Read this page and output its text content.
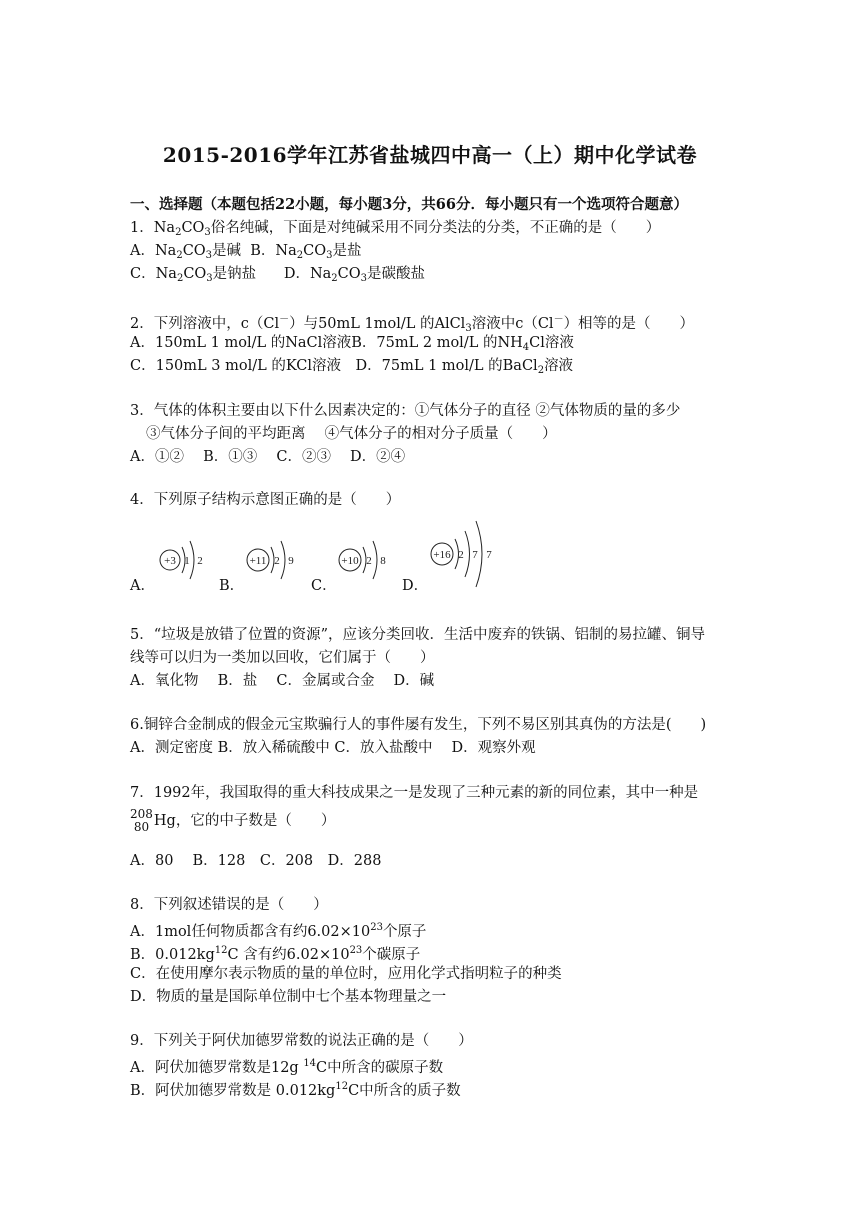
2015-2016学年江苏省盐城四中高一（上）期中化学试卷
一、选择题（本题包括22小题，每小题3分，共66分．每小题只有一个选项符合题意）
1．$Na_2CO_3$俗名纯碱，下面是对纯碱采用不同分类法的分类，不正确的是（　　）
A．$Na_2CO_3$是碱 B．$Na_2CO_3$是盐
C．$Na_2CO_3$是钠盐 D．$Na_2CO_3$是碳酸盐
2．下列溶液中，c（Cl－）与50mL 1mol/L 的AlCl$_3$溶液中c（Cl－）相等的是（　　）
A．150mL 1 mol/L 的NaCl溶液B．75mL 2 mol/L 的$NH_4Cl$溶液
C．150mL 3 mol/L 的KCl溶液　D．75mL 1 mol/L 的BaCl$_2$溶液
3．气体的体积主要由以下什么因素决定的：①气体分子的直径 ②气体物质的量的多少
③气体分子间的平均距离　 ④气体分子的相对分子质量（　　）
A．①②　 B．①③　 C．②③　 D．②④
4．下列原子结构示意图正确的是（　　）
+3 1 2	+11 2 9	+10 2 8	+16 2 7 7
A．	B．	C．	D．
5．“垃圾是放错了位置的资源”，应该分类回收．生活中废弃的铁锅、铝制的易拉罐、铜导
线等可以归为一类加以回收，它们属于（　　）
A．氧化物　 B．盐　 C．金属或合金　 D．碱
6.铜锌合金制成的假金元宝欺骗行人的事件屡有发生，下列不易区别其真伪的方法是(　　)
A．测定密度 B．放入稀硫酸中 C．放入盐酸中　 D．观察外观
7．1992年，我国取得的重大科技成果之一是发现了三种元素的新的同位素，其中一种是
208
80 Hg，它的中子数是（　　）
A．80　 B．128　C．208　D．288
8．下列叙述错误的是（　　）
A．1mol任何物质都含有约$6.02\times 10^{23}$个原子
B．$0.012kg^{12}C$ 含有约$6.02\times 10^{23}$个碳原子
C．在使用摩尔表示物质的量的单位时，应用化学式指明粒子的种类
D．物质的量是国际单位制中七个基本物理量之一
9．下列关于阿伏加德罗常数的说法正确的是（　　）
A．阿伏加德罗常数是12g $^{14}$C中所含的碳原子数
B．阿伏加德罗常数是 $0.012kg^{12}C$中所含的质子数
